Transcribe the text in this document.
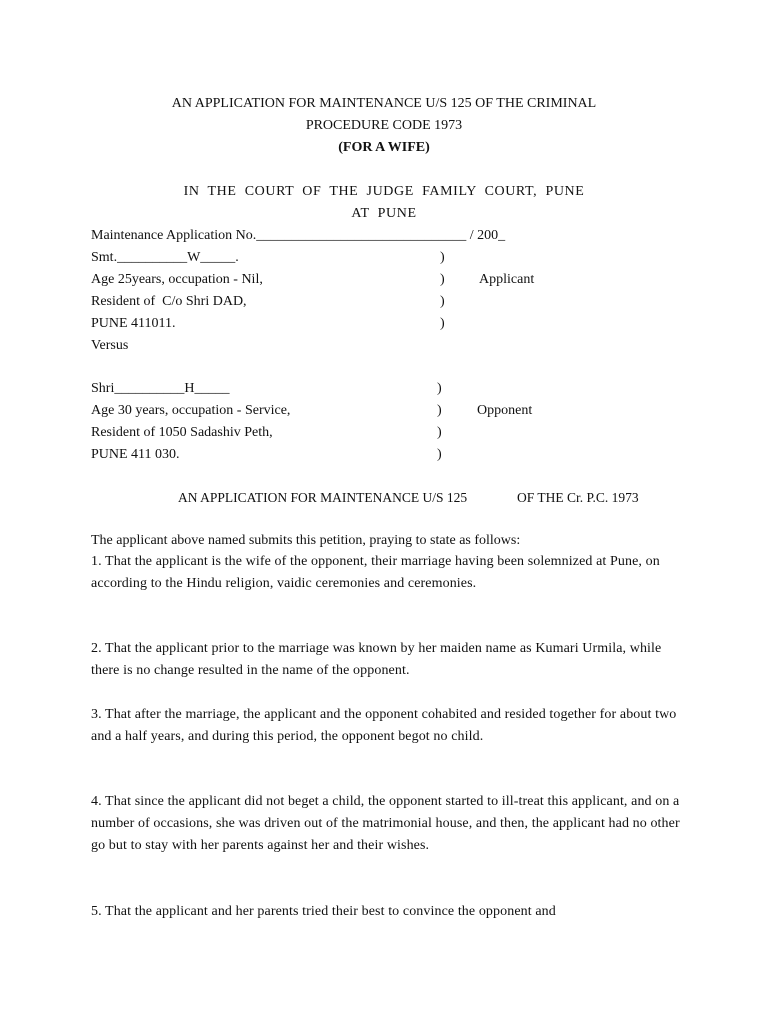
AN APPLICATION FOR MAINTENANCE U/S 125 OF THE CRIMINAL
PROCEDURE CODE 1973
(FOR A WIFE)
IN  THE  COURT  OF  THE  JUDGE  FAMILY  COURT,  PUNE
AT  PUNE
Maintenance Application No.______________________________ / 200_
Smt.__________W_____.	)
Age 25years, occupation - Nil,	) Applicant
Resident of  C/o Shri DAD,	)
PUNE 411011.	)
Versus
Shri__________H_____	)
Age 30 years, occupation - Service,	)	Opponent
Resident of 1050 Sadashiv Peth,	)
PUNE 411 030.	)
AN APPLICATION FOR MAINTENANCE U/S 125	OF THE Cr. P.C. 1973
The applicant above named submits this petition, praying to state as follows:
1. That the applicant is the wife of the opponent, their marriage having been solemnized at Pune, on according to the Hindu religion, vaidic ceremonies and ceremonies.
2. That the applicant prior to the marriage was known by her maiden name as Kumari Urmila, while there is no change resulted in the name of the opponent.
3. That after the marriage, the applicant and the opponent cohabited and resided together for about two and a half years, and during this period, the opponent begot no child.
4. That since the applicant did not beget a child, the opponent started to ill-treat this applicant, and on a number of occasions, she was driven out of the matrimonial house, and then, the applicant had no other go but to stay with her parents against her and their wishes.
5. That the applicant and her parents tried their best to convince the opponent and
